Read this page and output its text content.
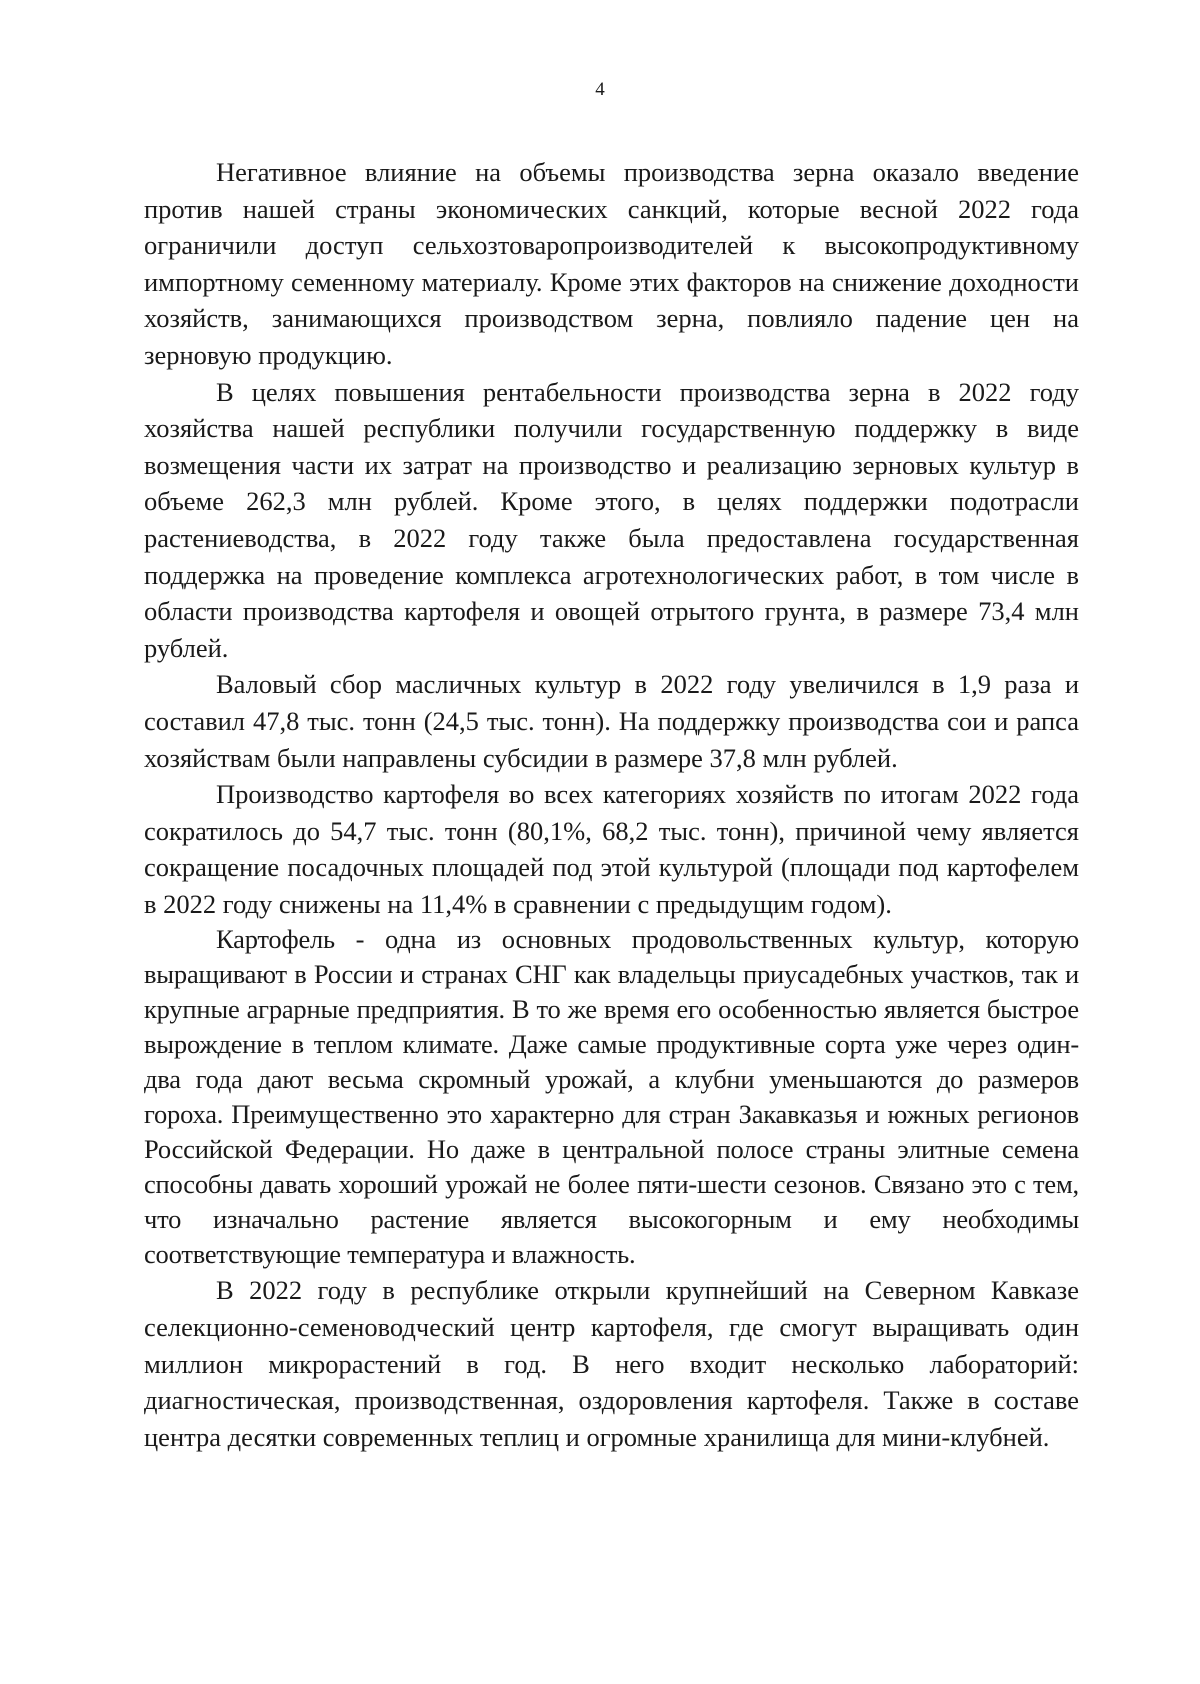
4

Негативное влияние на объемы производства зерна оказало введение против нашей страны экономических санкций, которые весной 2022 года ограничили доступ сельхозтоваропроизводителей к высокопродуктивному импортному семенному материалу. Кроме этих факторов на снижение доходности хозяйств, занимающихся производством зерна, повлияло падение цен на зерновую продукцию.

В целях повышения рентабельности производства зерна в 2022 году хозяйства нашей республики получили государственную поддержку в виде возмещения части их затрат на производство и реализацию зерновых культур в объеме 262,3 млн рублей. Кроме этого, в целях поддержки подотрасли растениеводства, в 2022 году также была предоставлена государственная поддержка на проведение комплекса агротехнологических работ, в том числе в области производства картофеля и овощей отрытого грунта, в размере 73,4 млн рублей.

Валовый сбор масличных культур в 2022 году увеличился в 1,9 раза и составил 47,8 тыс. тонн (24,5 тыс. тонн). На поддержку производства сои и рапса хозяйствам были направлены субсидии в размере 37,8 млн рублей.

Производство картофеля во всех категориях хозяйств по итогам 2022 года сократилось до 54,7 тыс. тонн (80,1%, 68,2 тыс. тонн), причиной чему является сокращение посадочных площадей под этой культурой (площади под картофелем в 2022 году снижены на 11,4% в сравнении с предыдущим годом).

Картофель - одна из основных продовольственных культур, которую выращивают в России и странах СНГ как владельцы приусадебных участков, так и крупные аграрные предприятия. В то же время его особенностью является быстрое вырождение в теплом климате. Даже самые продуктивные сорта уже через один-два года дают весьма скромный урожай, а клубни уменьшаются до размеров гороха. Преимущественно это характерно для стран Закавказья и южных регионов Российской Федерации. Но даже в центральной полосе страны элитные семена способны давать хороший урожай не более пяти-шести сезонов. Связано это с тем, что изначально растение является высокогорным и ему необходимы соответствующие температура и влажность.

В 2022 году в республике открыли крупнейший на Северном Кавказе селекционно-семеноводческий центр картофеля, где смогут выращивать один миллион микрорастений в год. В него входит несколько лабораторий: диагностическая, производственная, оздоровления картофеля. Также в составе центра десятки современных теплиц и огромные хранилища для мини-клубней.
